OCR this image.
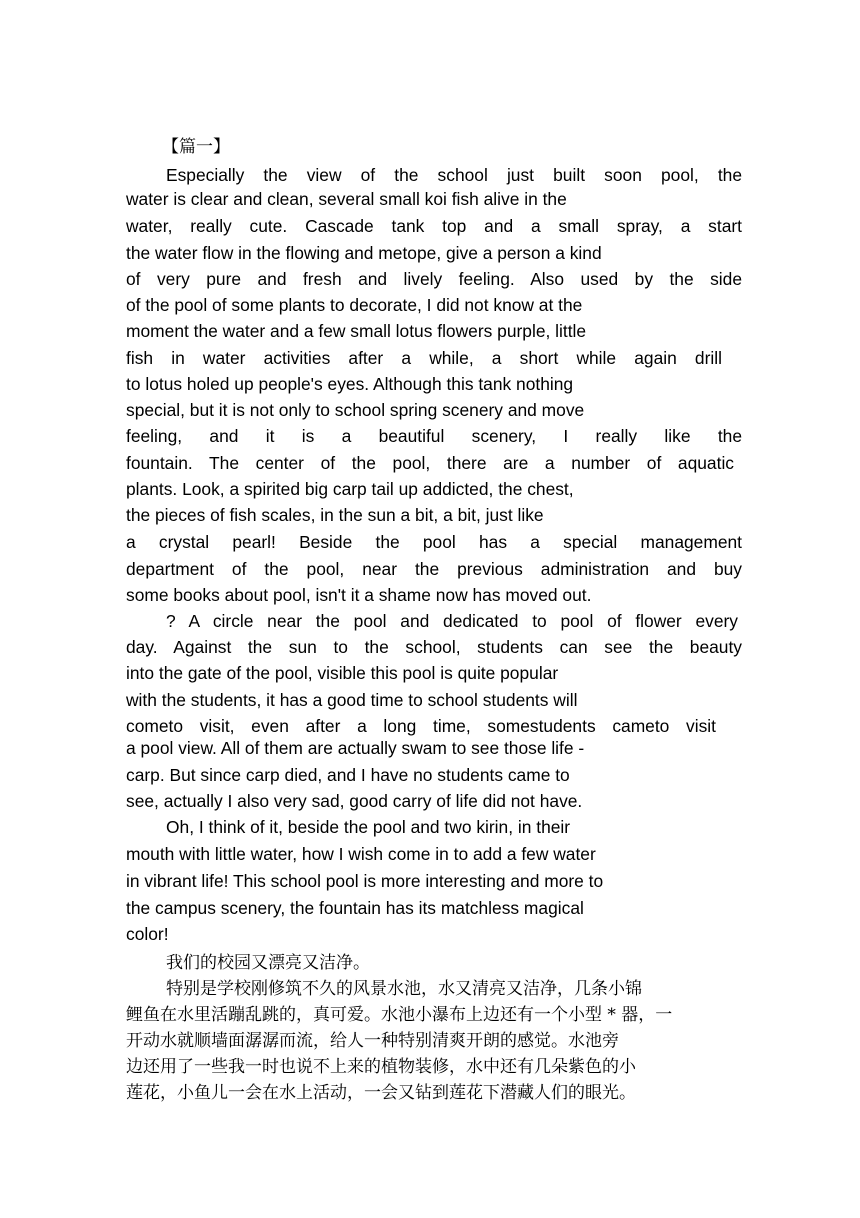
【篇一】
Especially the view of the school just built soon pool, the
water is clear and clean, several small koi fish alive in the
water, really cute. Cascade tank top and a small spray, a start
the water flow in the flowing and metope, give a person a kind
of very pure and fresh and lively feeling. Also used by the side
of the pool of some plants to decorate, I did not know at the
moment the water and a few small lotus flowers purple, little
fish in water activities after a while, a short while again drill
to lotus holed up people's eyes. Although this tank nothing
special, but it is not only to school spring scenery and move
feeling, and it is a beautiful scenery, I really like the
fountain. The center of the pool, there are a number of aquatic
plants. Look, a spirited big carp tail up addicted, the chest,
the pieces of fish scales, in the sun a bit, a bit, just like
a crystal pearl! Beside the pool has a special management
department of the pool, near the previous administration and buy
some books about pool, isn't it a shame now has moved out.
? A circle near the pool and dedicated to pool of flower every
day. Against the sun to the school, students can see the beauty
into the gate of the pool, visible this pool is quite popular
with the students, it has a good time to school students will
cometo visit, even after a long time, somestudents cameto visit
a pool view. All of them are actually swam to see those life -
carp. But since carp died, and I have no students came to
see, actually I also very sad, good carry of life did not have.
Oh, I think of it, beside the pool and two kirin, in their
mouth with little water, how I wish come in to add a few water
in vibrant life! This school pool is more interesting and more to
the campus scenery, the fountain has its matchless magical
color!
我们的校园又漂亮又洁净。
特别是学校刚修筑不久的风景水池，水又清亮又洁净，几条小锦
鲤鱼在水里活蹦乱跳的，真可爱。水池小瀑布上边还有一个小型 * 器，一
开动水就顺墙面潺潺而流，给人一种特别清爽开朗的感觉。水池旁
边还用了一些我一时也说不上来的植物装修，水中还有几朵紫色的小
莲花，小鱼儿一会在水上活动，一会又钻到莲花下潜藏人们的眼光。
